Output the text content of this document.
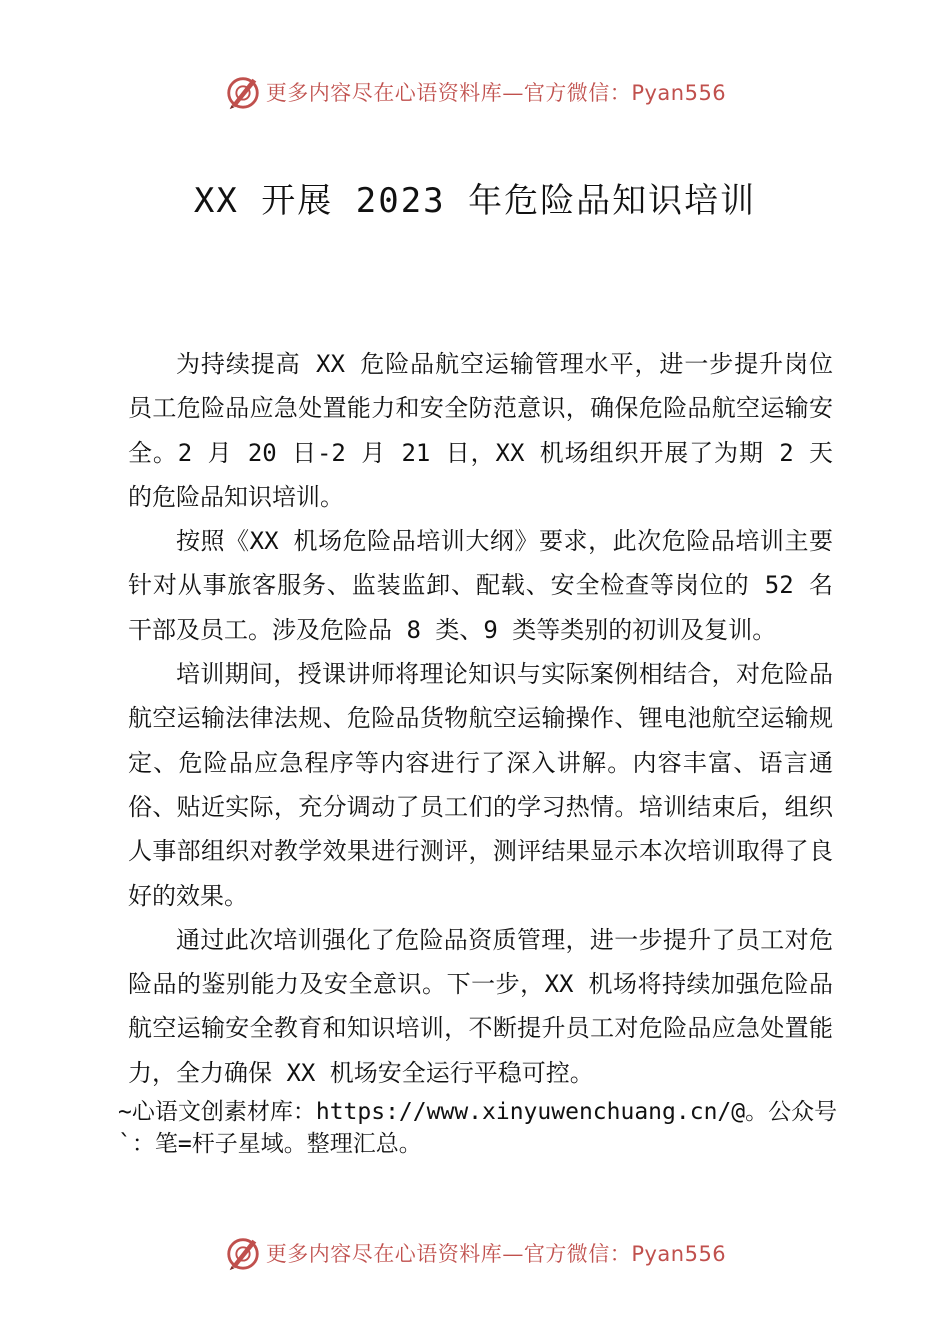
更多内容尽在心语资料库—官方微信：Pyan556
XX 开展 2023 年危险品知识培训

为持续提高 XX 危险品航空运输管理水平，进一步提升岗位员工危险品应急处置能力和安全防范意识，确保危险品航空运输安全。2 月 20 日-2 月 21 日，XX 机场组织开展了为期 2 天的危险品知识培训。

按照《XX 机场危险品培训大纲》要求，此次危险品培训主要针对从事旅客服务、监装监卸、配载、安全检查等岗位的 52 名干部及员工。涉及危险品 8 类、9 类等类别的初训及复训。

培训期间，授课讲师将理论知识与实际案例相结合，对危险品航空运输法律法规、危险品货物航空运输操作、锂电池航空运输规定、危险品应急程序等内容进行了深入讲解。内容丰富、语言通俗、贴近实际，充分调动了员工们的学习热情。培训结束后，组织人事部组织对教学效果进行测评，测评结果显示本次培训取得了良好的效果。

通过此次培训强化了危险品资质管理，进一步提升了员工对危险品的鉴别能力及安全意识。下一步，XX 机场将持续加强危险品航空运输安全教育和知识培训，不断提升员工对危险品应急处置能力，全力确保 XX 机场安全运行平稳可控。

~心语文创素材库：https://www.xinyuwenchuang.cn/@。公众号`：笔=杆子星域。整理汇总。
更多内容尽在心语资料库—官方微信：Pyan556
